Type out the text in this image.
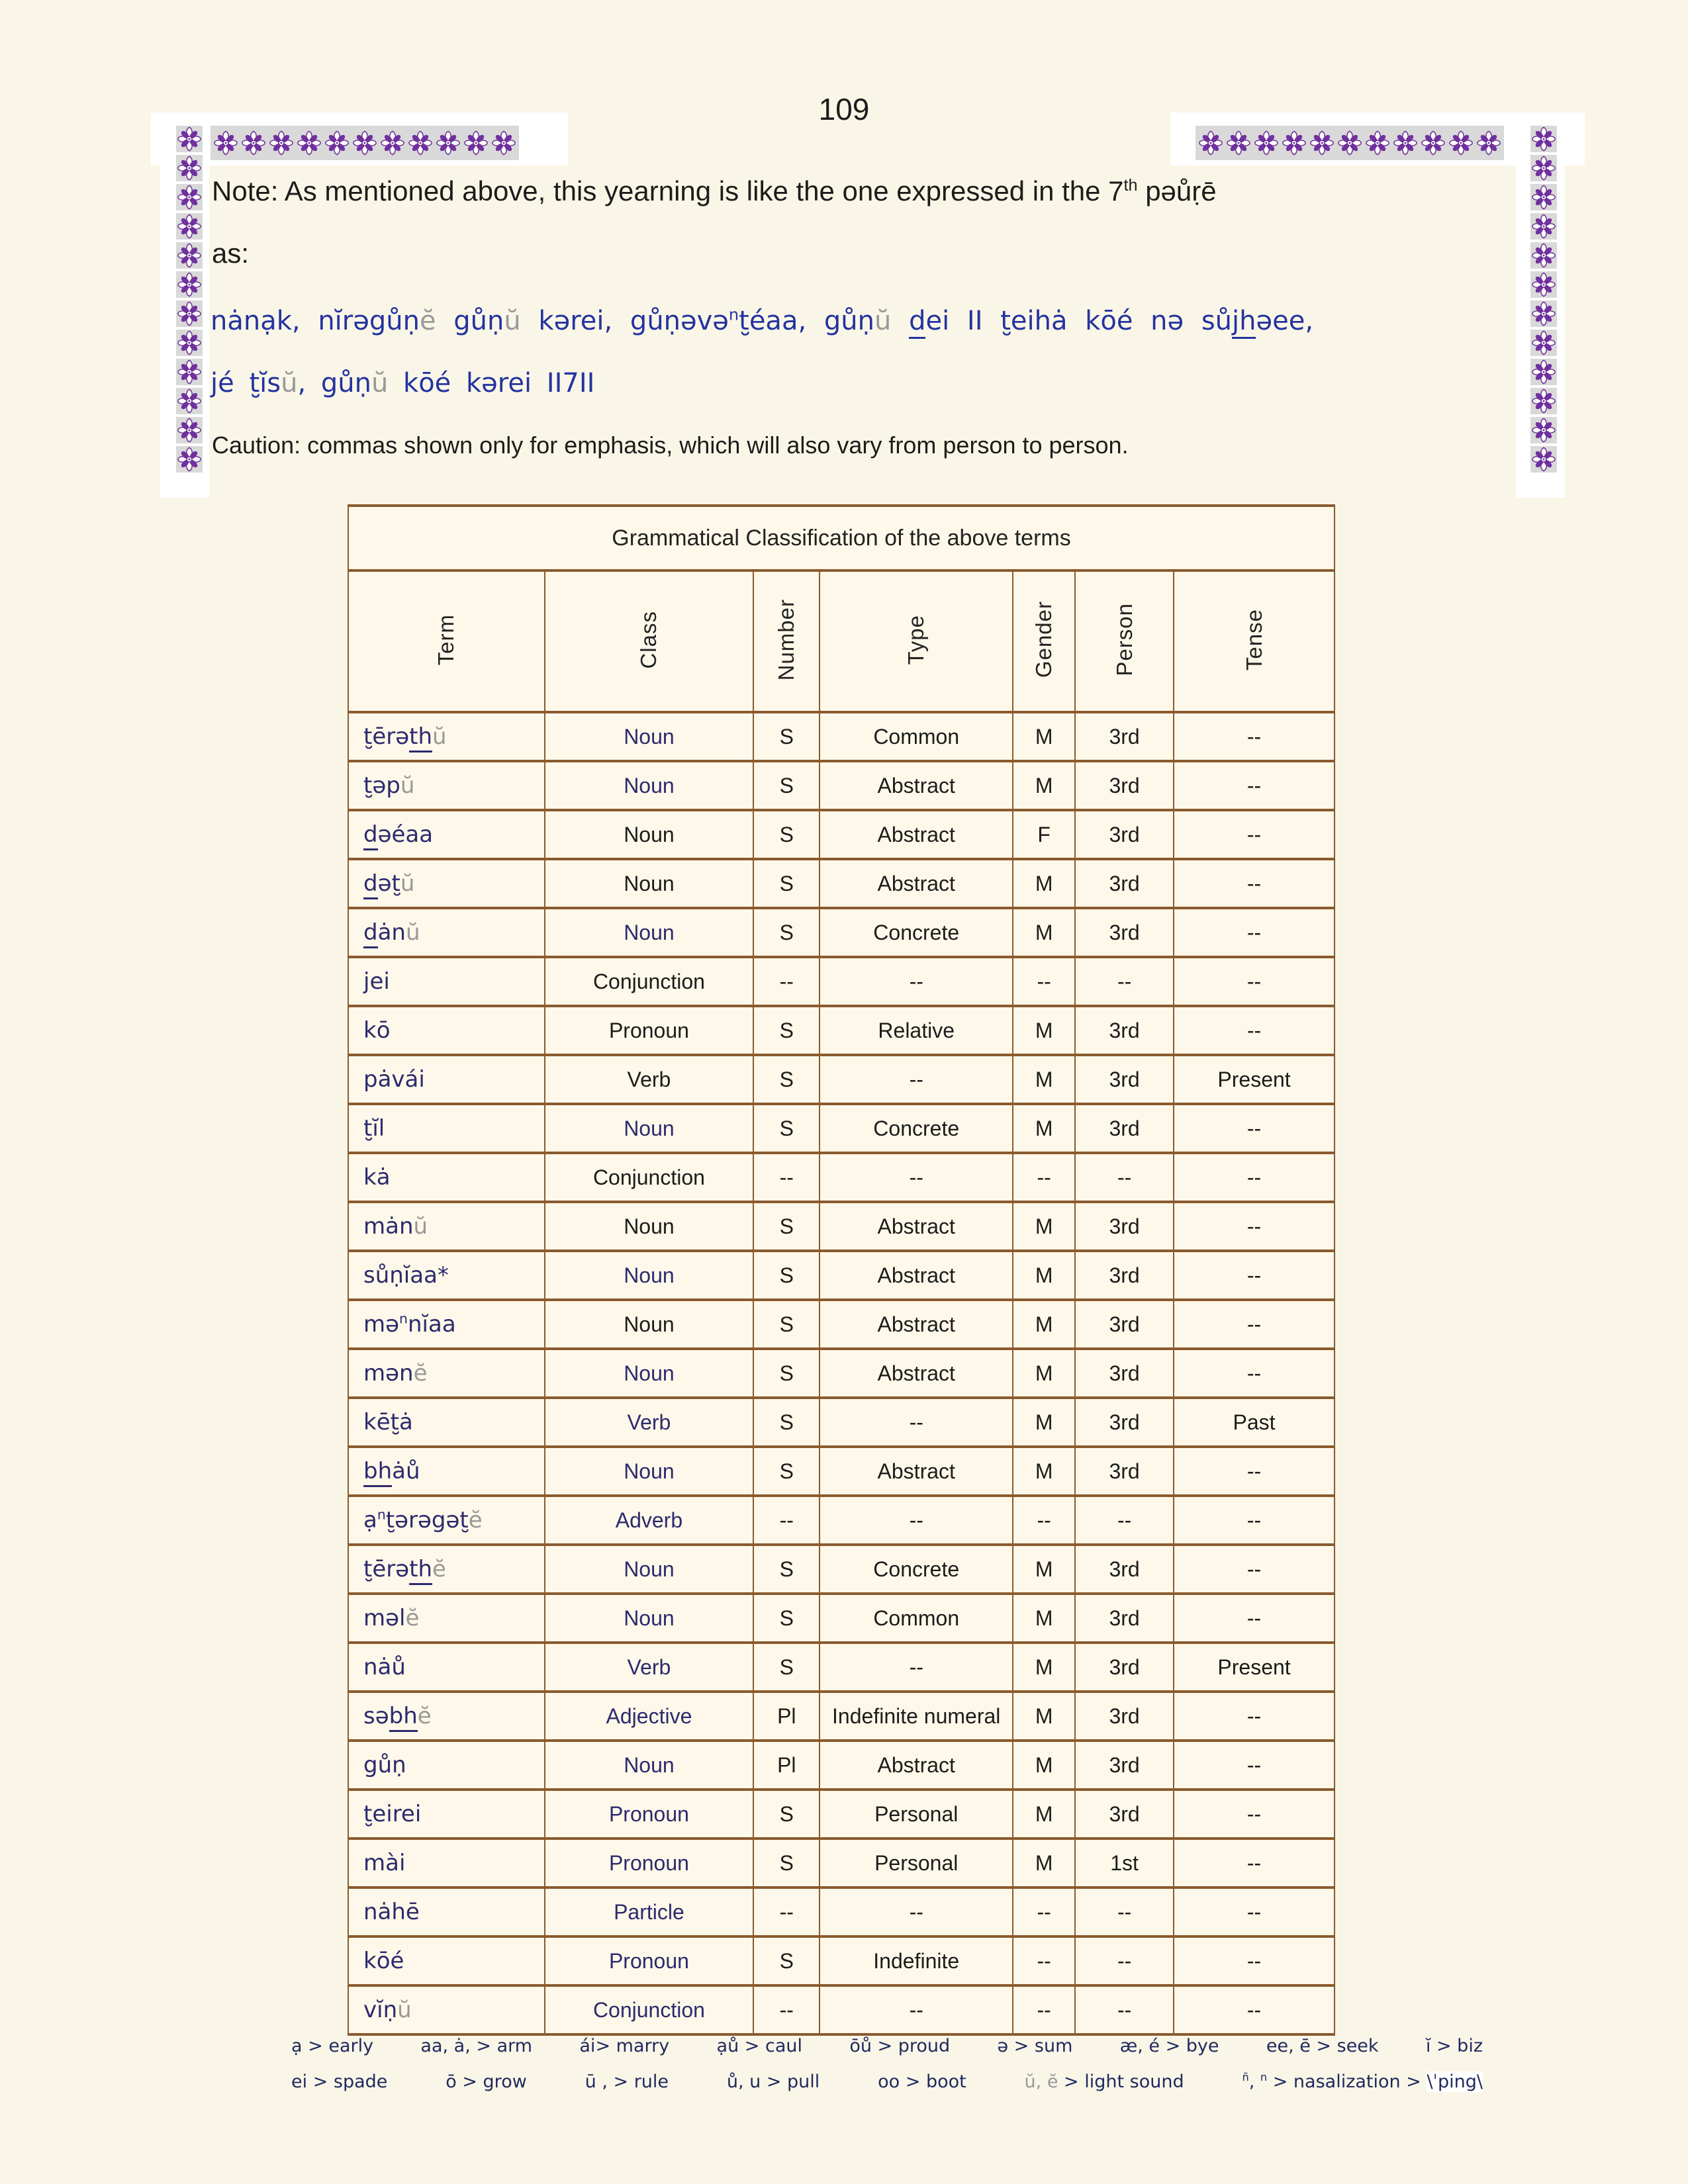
109
Note: As mentioned above, this yearning is like the one expressed in the 7th pəůṛē
as:
nȧnạk, nĭrəgůṇĕ gůṇŭ kərei, gůṇəvə$^n$t̮éaa, gůṇŭ dei II t̮eihȧ kōé nə sůjhəee,
jé t̮ĭsŭ, gůṇŭ kōé kərei II7II
Caution: commas shown only for emphasis, which will also vary from person to person.
Grammatical Classification of the above terms						
Term	Class	Number	Type	Gender	Person	Tense
t̮ērəthŭ	Noun	S	Common	M	3rd	--
t̮əpŭ	Noun	S	Abstract	M	3rd	--
dəéaa	Noun	S	Abstract	F	3rd	--
dət̮ŭ	Noun	S	Abstract	M	3rd	--
dȧnŭ	Noun	S	Concrete	M	3rd	--
jei	Conjunction	--	--	--	--	--
kō	Pronoun	S	Relative	M	3rd	--
pȧvái	Verb	S	--	M	3rd	Present
t̮ĭl	Noun	S	Concrete	M	3rd	--
kȧ	Conjunction	--	--	--	--	--
mȧnŭ	Noun	S	Abstract	M	3rd	--
sůṇĭaa*	Noun	S	Abstract	M	3rd	--
mə$^n$nĭaa	Noun	S	Abstract	M	3rd	--
mənĕ	Noun	S	Abstract	M	3rd	--
kēt̮ȧ	Verb	S	--	M	3rd	Past
bhȧů	Noun	S	Abstract	M	3rd	--
ạ$^n$t̮ərəgət̮ĕ	Adverb	--	--	--	--	--
t̮ērəthĕ	Noun	S	Concrete	M	3rd	--
məlĕ	Noun	S	Common	M	3rd	--
nȧů	Verb	S	--	M	3rd	Present
səbhĕ	Adjective	Pl	Indefinite numeral	M	3rd	--
gůṇ	Noun	Pl	Abstract	M	3rd	--
t̮eirei	Pronoun	S	Personal	M	3rd	--
mài	Pronoun	S	Personal	M	1st	--
nȧhē	Particle	--	--	--	--	--
kōé	Pronoun	S	Indefinite	--	--	--
vĭṇŭ	Conjunction	--	--	--	--	--
ạ > early	aa, ȧ, > arm	ái> marry	ạů > caul	ōů > proud	ə > sum	æ, é > bye	ee, ē > seek	ĭ > biz
ei > spade	ō > grow	ū , > rule	ů, u > pull	oo > boot	ŭ, ĕ > light sound	$^ñ$, $^n$ > nasalization > \ˈping\
